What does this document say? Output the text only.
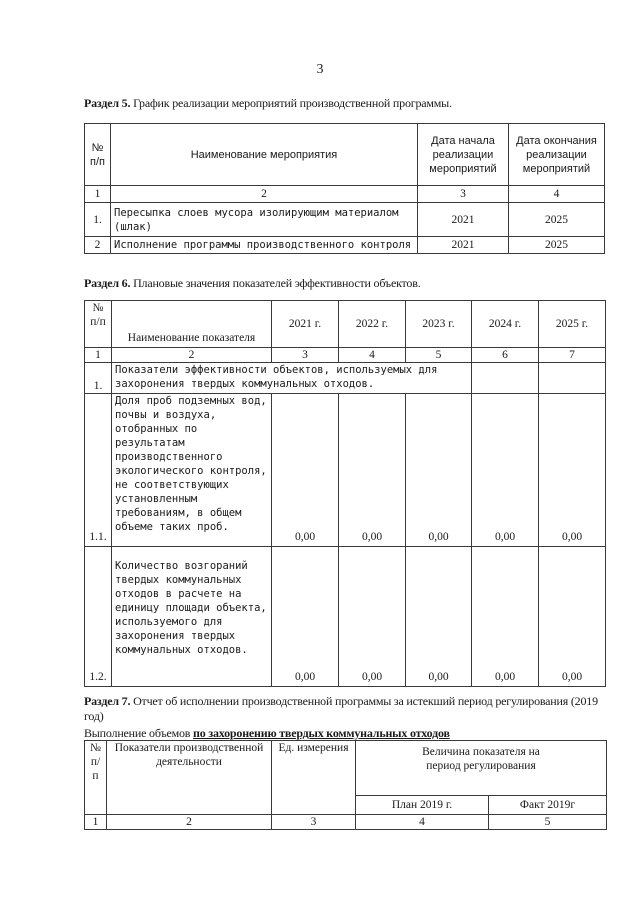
3
Раздел 5. График реализации мероприятий производственной программы.
№ п/п	Наименование мероприятия	Дата начала реализации мероприятий	Дата окончания реализации мероприятий
1	2	3	4
1.	Пересыпка слоев мусора изолирующим материалом (шлак)	2021	2025
2	Исполнение программы производственного контроля	2021	2025
Раздел 6. Плановые значения показателей эффективности объектов.
№ п/п	Наименование показателя	2021 г.	2022 г.	2023 г.	2024 г.	2025 г.
1	2	3	4	5	6	7
1.	Показатели эффективности объектов, используемых для захоронения твердых коммунальных отходов.					
1.1.	Доля проб подземных вод, почвы и воздуха, отобранных по результатам производственного экологического контроля, не соответствующих установленным требованиям, в общем объеме таких проб.	0,00	0,00	0,00	0,00	0,00
1.2.	Количество возгораний твердых коммунальных отходов в расчете на единицу площади объекта, используемого для захоронения твердых коммунальных отходов.	0,00	0,00	0,00	0,00	0,00
Раздел 7. Отчет об исполнении производственной программы за истекший период регулирования (2019 год)
Выполнение объемов по захоронению твердых коммунальных отходов
№ п/п	Показатели производственной деятельности	Ед. измерения	Величина показателя на период регулирования	
			План 2019 г.	Факт 2019г
1	2	3	4	5
